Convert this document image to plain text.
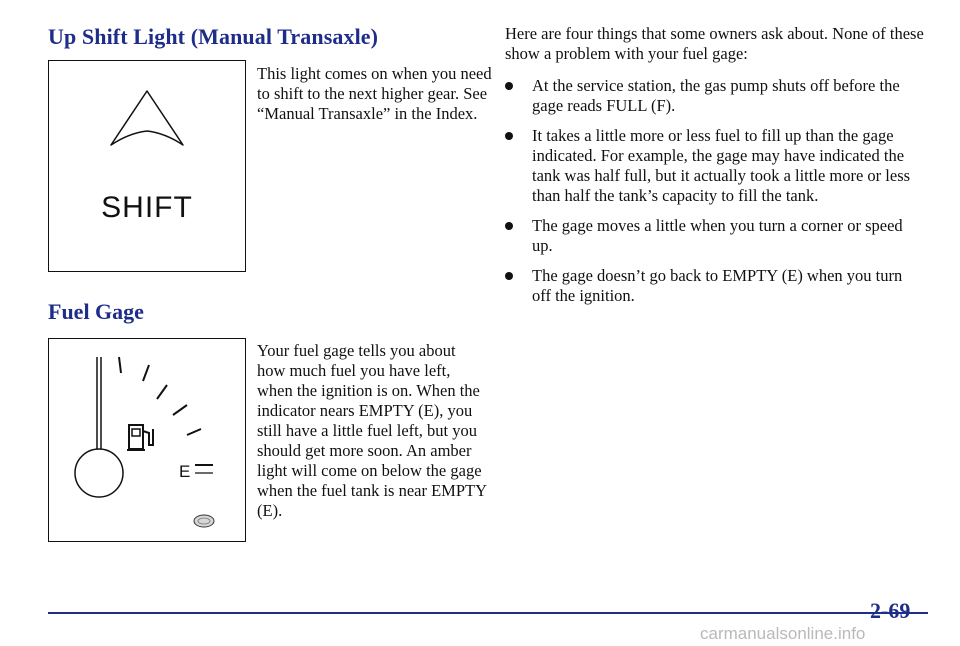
Up Shift Light (Manual Transaxle)
SHIFT
This light comes on when you need to shift to the next higher gear. See “Manual Transaxle” in the Index.
Fuel Gage
E
Your fuel gage tells you about how much fuel you have left, when the ignition is on. When the indicator nears EMPTY (E), you still have a little fuel left, but you should get more soon. An amber light will come on below the gage when the fuel tank is near EMPTY (E).
Here are four things that some owners ask about. None of these show a problem with your fuel gage:
At the service station, the gas pump shuts off before the gage reads FULL (F).
It takes a little more or less fuel to fill up than the gage indicated. For example, the gage may have indicated the tank was half full, but it actually took a little more or less than half the tank’s capacity to fill the tank.
The gage moves a little when you turn a corner or speed up.
The gage doesn’t go back to EMPTY (E) when you turn off the ignition.
2-69
carmanualsonline.info
